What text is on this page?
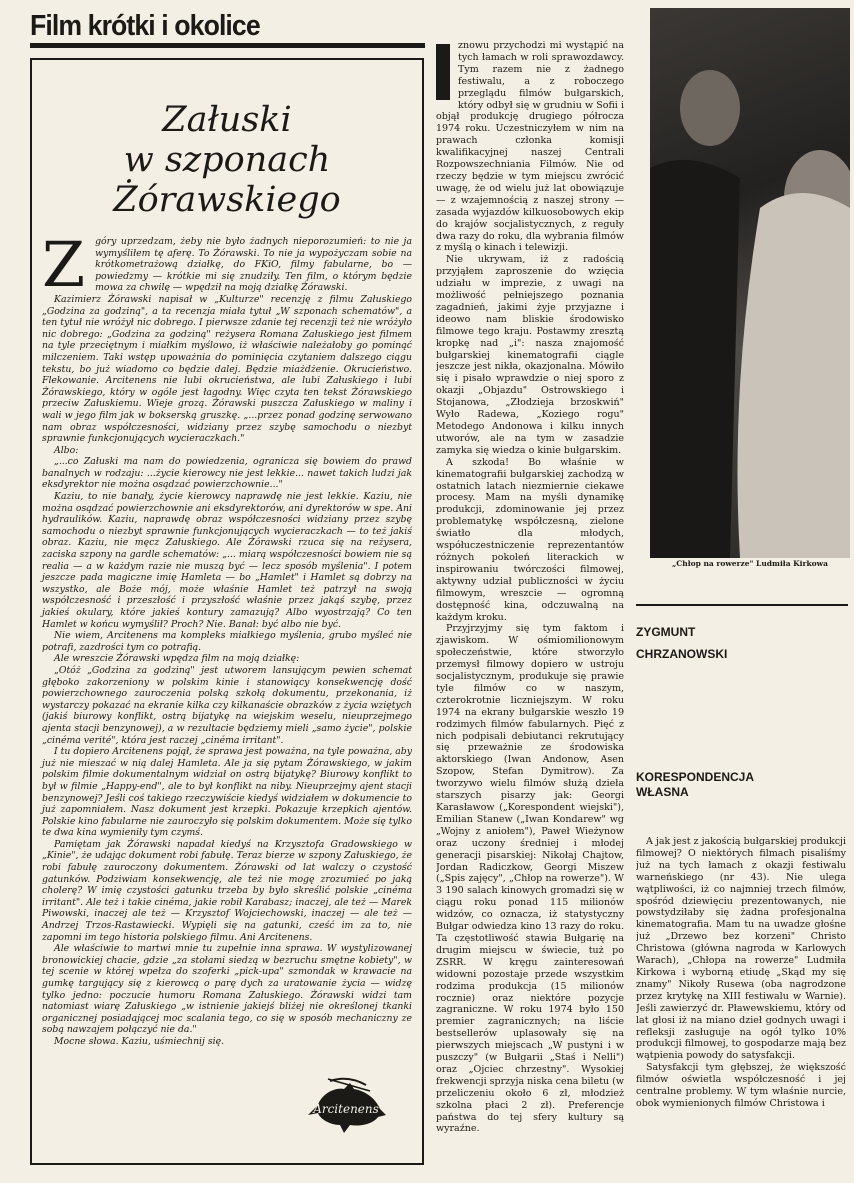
Film krótki i okolice
Załuski
w szponach Żórawskiego

Z góry uprzedzam, żeby nie było żadnych nieporozumień: to nie ja wymyśliłem tę aferę. To Żórawski. To nie ja wypożyczam sobie na krótkometrażową działkę, do FKiO, filmy fabularne, bo — powiedzmy — krótkie mi się znudziły. Ten film, o którym będzie mowa za chwilę — wpędził na moją działkę Żórawski.

Kazimierz Żórawski napisał w „Kulturze" recenzję z filmu Załuskiego „Godzina za godziną", a ta recenzja miała tytuł „W szponach schematów", a ten tytuł nie wróżył nic dobrego. I pierwsze zdanie tej recenzji też nie wróżyło nic dobrego: „Godzina za godziną" reżysera Romana Załuskiego jest filmem na tyle przeciętnym i miałkim myślowo, iż właściwie należałoby go pominąć milczeniem. Taki wstęp upoważnia do pominięcia czytaniem dalszego ciągu tekstu, bo już wiadomo co będzie dalej. Będzie miażdżenie. Okrucieństwo. Flekowanie. Arcitenens nie lubi okrucieństwa, ale lubi Załuskiego i lubi Żórawskiego, który w ogóle jest łagodny. Więc czyta ten tekst Żórawskiego przeciw Załuskiemu. Wieje grozą. Żórawski puszcza Załuskiego w maliny i wali w jego film jak w bokserską gruszkę. „...przez ponad godzinę serwowano nam obraz współczesności, widziany przez szybę samochodu o niezbyt sprawnie funkcjonujących wycieraczkach."

Albo:

„...co Załuski ma nam do powiedzenia, ogranicza się bowiem do prawd banalnych w rodzaju: ...życie kierowcy nie jest lekkie... nawet takich ludzi jak eksdyrektor nie można osądzać powierzchownie..."

Kaziu, to nie banały, życie kierowcy naprawdę nie jest lekkie. Kaziu, nie można osądzać powierzchownie ani eksdyrektorów, ani dyrektorów w spe. Ani hydraulików. Kaziu, naprawdę obraz współczesności widziany przez szybę samochodu o niezbyt sprawnie funkcjonujących wycieraczkach — to też jakiś obraz. Kaziu, nie męcz Załuskiego. Ale Żórawski rzuca się na reżysera, zaciska szpony na gardle schematów: „... miarą współczesności bowiem nie są realia — a w każdym razie nie muszą być — lecz sposób myślenia". I potem jeszcze pada magiczne imię Hamleta — bo „Hamlet" i Hamlet są dobrzy na wszystko, ale Boże mój, może właśnie Hamlet też patrzył na swoją współczesność i przeszłość i przyszłość właśnie przez jakąś szybę, przez jakieś okulary, które jakieś kontury zamazują? Albo wyostrzają? Co ten Hamlet w końcu wymyślił? Proch? Nie. Banał: być albo nie być.

Nie wiem, Arcitenens ma kompleks miałkiego myślenia, grubo myśleć nie potrafi, zazdrości tym co potrafią.

Ale wreszcie Żórawski wpędza film na moją działkę:

„Otóż „Godzina za godziną" jest utworem lansującym pewien schemat głęboko zakorzeniony w polskim kinie i stanowiący konsekwencję dość powierzchownego zauroczenia polską szkołą dokumentu, przekonania, iż wystarczy pokazać na ekranie kilka czy kilkanaście obrazków z życia wziętych (jakiś biurowy konflikt, ostrą bijatykę na wiejskim weselu, nieuprzejmego ajenta stacji benzynowej), a w rezultacie będziemy mieli „samo życie", polskie „cinéma verité", która jest raczej „cinéma irritant".

I tu dopiero Arcitenens pojął, że sprawa jest poważna, na tyle poważna, aby już nie mieszać w nią dalej Hamleta. Ale ja się pytam Żórawskiego, w jakim polskim filmie dokumentalnym widział on ostrą bijatykę? Biurowy konflikt to był w filmie „Happy-end", ale to był konflikt na niby. Nieuprzejmy ajent stacji benzynowej? Jeśli coś takiego rzeczywiście kiedyś widziałem w dokumencie to już zapomniałem. Nasz dokument jest krzepki. Pokazuje krzepkich ajentów. Polskie kino fabularne nie zauroczyło się polskim dokumentem. Może się tylko te dwa kina wymieniły tym czymś.

Pamiętam jak Żórawski napadał kiedyś na Krzysztofa Gradowskiego w „Kinie", że udając dokument robi fabułę. Teraz bierze w szpony Załuskiego, że robi fabułę zauroczony dokumentem. Żórawski od lat walczy o czystość gatunków. Podziwiam konsekwencję, ale też nie mogę zrozumieć po jaką cholerę? W imię czystości gatunku trzeba by było skreślić polskie „cinéma irritant". Ale też i takie cinéma, jakie robił Karabasz; inaczej, ale też — Marek Piwowski, inaczej ale też — Krzysztof Wojciechowski, inaczej — ale też — Andrzej Trzos-Rastawiecki. Wypięli się na gatunki, cześć im za to, nie zapomni im tego historia polskiego filmu. Ani Arcitenens.

Ale właściwie to martwi mnie tu zupełnie inna sprawa. W wystylizowanej bronowickiej chacie, gdzie „za stołami siedzą w bezruchu smętne kobiety", w tej scenie w której wpełza do szoferki „pick-upa" szmondak w krawacie na gumkę targujący się z kierowcą o parę dych za uratowanie życia — widzę tylko jedno: poczucie humoru Romana Załuskiego. Żórawski widzi tam natomiast wiarę Załuskiego „w istnienie jakiejś bliżej nie określonej tkanki organicznej posiadającej moc scalania tego, co się w sposób mechaniczny ze sobą nawzajem połączyć nie da."

Mocne słowa. Kaziu, uśmiechnij się.

Arcitenens

znowu przychodzi mi wystąpić na tych łamach w roli sprawozdawcy. Tym razem nie z żadnego festiwalu, a z roboczego przeglądu filmów bułgarskich, który odbył się w grudniu w Sofii i objął produkcję drugiego półrocza 1974 roku. Uczestniczyłem w nim na prawach członka komisji kwalifikacyjnej naszej Centrali Rozpowszechniania Filmów. Nie od rzeczy będzie w tym miejscu zwrócić uwagę, że od wielu już lat obowiązuje — z wzajemnością z naszej strony — zasada wyjazdów kilkuosobowych ekip do krajów socjalistycznych, z reguły dwa razy do roku, dla wybrania filmów z myślą o kinach i telewizji.

Nie ukrywam, iż z radością przyjąłem zaproszenie do wzięcia udziału w imprezie, z uwagi na możliwość pełniejszego poznania zagadnień, jakimi żyje przyjazne i ideowo nam bliskie środowisko filmowe tego kraju. Postawmy zresztą kropkę nad „i": nasza znajomość bułgarskiej kinematografii ciągle jeszcze jest nikła, okazjonalna. Mówiło się i pisało wprawdzie o niej sporo z okazji „Objazdu" Ostrowskiego i Stojanowa, „Złodzieja brzoskwiń" Wyło Radewa, „Koziego rogu" Metodego Andonowa i kilku innych utworów, ale na tym w zasadzie zamyka się wiedza o kinie bułgarskim.

A szkoda! Bo właśnie w kinematografii bułgarskiej zachodzą w ostatnich latach niezmiernie ciekawe procesy. Mam na myśli dynamikę produkcji, zdominowanie jej przez problematykę współczesną, zielone światło dla młodych, współuczestniczenie reprezentantów różnych pokoleń literackich w inspirowaniu twórczości filmowej, aktywny udział publiczności w życiu filmowym, wreszcie — ogromną dostępność kina, odczuwalną na każdym kroku.

Przyjrzyjmy się tym faktom i zjawiskom. W ośmiomilionowym społeczeństwie, które stworzyło przemysł filmowy dopiero w ustroju socjalistycznym, produkuje się prawie tyle filmów co w naszym, czterokrotnie liczniejszym. W roku 1974 na ekrany bułgarskie weszło 19 rodzimych filmów fabularnych. Pięć z nich podpisali debiutanci rekrutujący się przeważnie ze środowiska aktorskiego (Iwan Andonow, Asen Szopow, Stefan Dymitrow). Za tworzywo wielu filmów służą dzieła starszych pisarzy jak: Georgi Karasławow („Korespondent wiejski"), Emilian Stanew („Iwan Kondarew" wg „Wojny z aniołem"), Paweł Wieżynow oraz uczony średniej i młodej generacji pisarskiej: Nikołaj Chajtow, Jordan Radiczkow, Georgi Miszew („Spis zajęcy", „Chłop na rowerze"). W 3 190 salach kinowych gromadzi się w ciągu roku ponad 115 milionów widzów, co oznacza, iż statystyczny Bułgar odwiedza kino 13 razy do roku. Ta częstotliwość stawia Bułgarię na drugim miejscu w świecie, tuż po ZSRR. W kręgu zainteresowań widowni pozostaje przede wszystkim rodzima produkcja (15 milionów rocznie) oraz niektóre pozycje zagraniczne. W roku 1974 było 150 premier zagranicznych; na liście bestsellerów uplasowały się na pierwszych miejscach „W pustyni i w puszczy" (w Bułgarii „Staś i Nelli") oraz „Ojciec chrzestny". Wysokiej frekwencji sprzyja niska cena biletu (w przeliczeniu około 6 zł, młodzież szkolna płaci 2 zł). Preferencje państwa do tej sfery kultury są wyraźne.

„Chłop na rowerze" Ludmiła Kirkowa
ZYGMUNT
CHRZANOWSKI
KORESPONDENCJA
WŁASNA

A jak jest z jakością bułgarskiej produkcji filmowej? O niektórych filmach pisaliśmy już na tych łamach z okazji festiwalu warneńskiego (nr 43). Nie ulega wątpliwości, iż co najmniej trzech filmów, spośród dziewięciu prezentowanych, nie powstydziłaby się żadna profesjonalna kinematografia. Mam tu na uwadze głośne już „Drzewo bez korzeni" Christo Christowa (główna nagroda w Karlowych Warach), „Chłopa na rowerze" Ludmiła Kirkowa i wyborną etiudę „Skąd my się znamy" Nikoły Rusewa (oba nagrodzone przez krytykę na XIII festiwalu w Warnie). Jeśli zawierzyć dr. Pławewskiemu, który od lat głosi iż na miano dzieł godnych uwagi i refleksji zasługuje na ogół tylko 10% produkcji filmowej, to gospodarze mają bez wątpienia powody do satysfakcji.

Satysfakcji tym głębszej, że większość filmów oświetla współczesność i jej centralne problemy. W tym właśnie nurcie, obok wymienionych filmów Christowa i
